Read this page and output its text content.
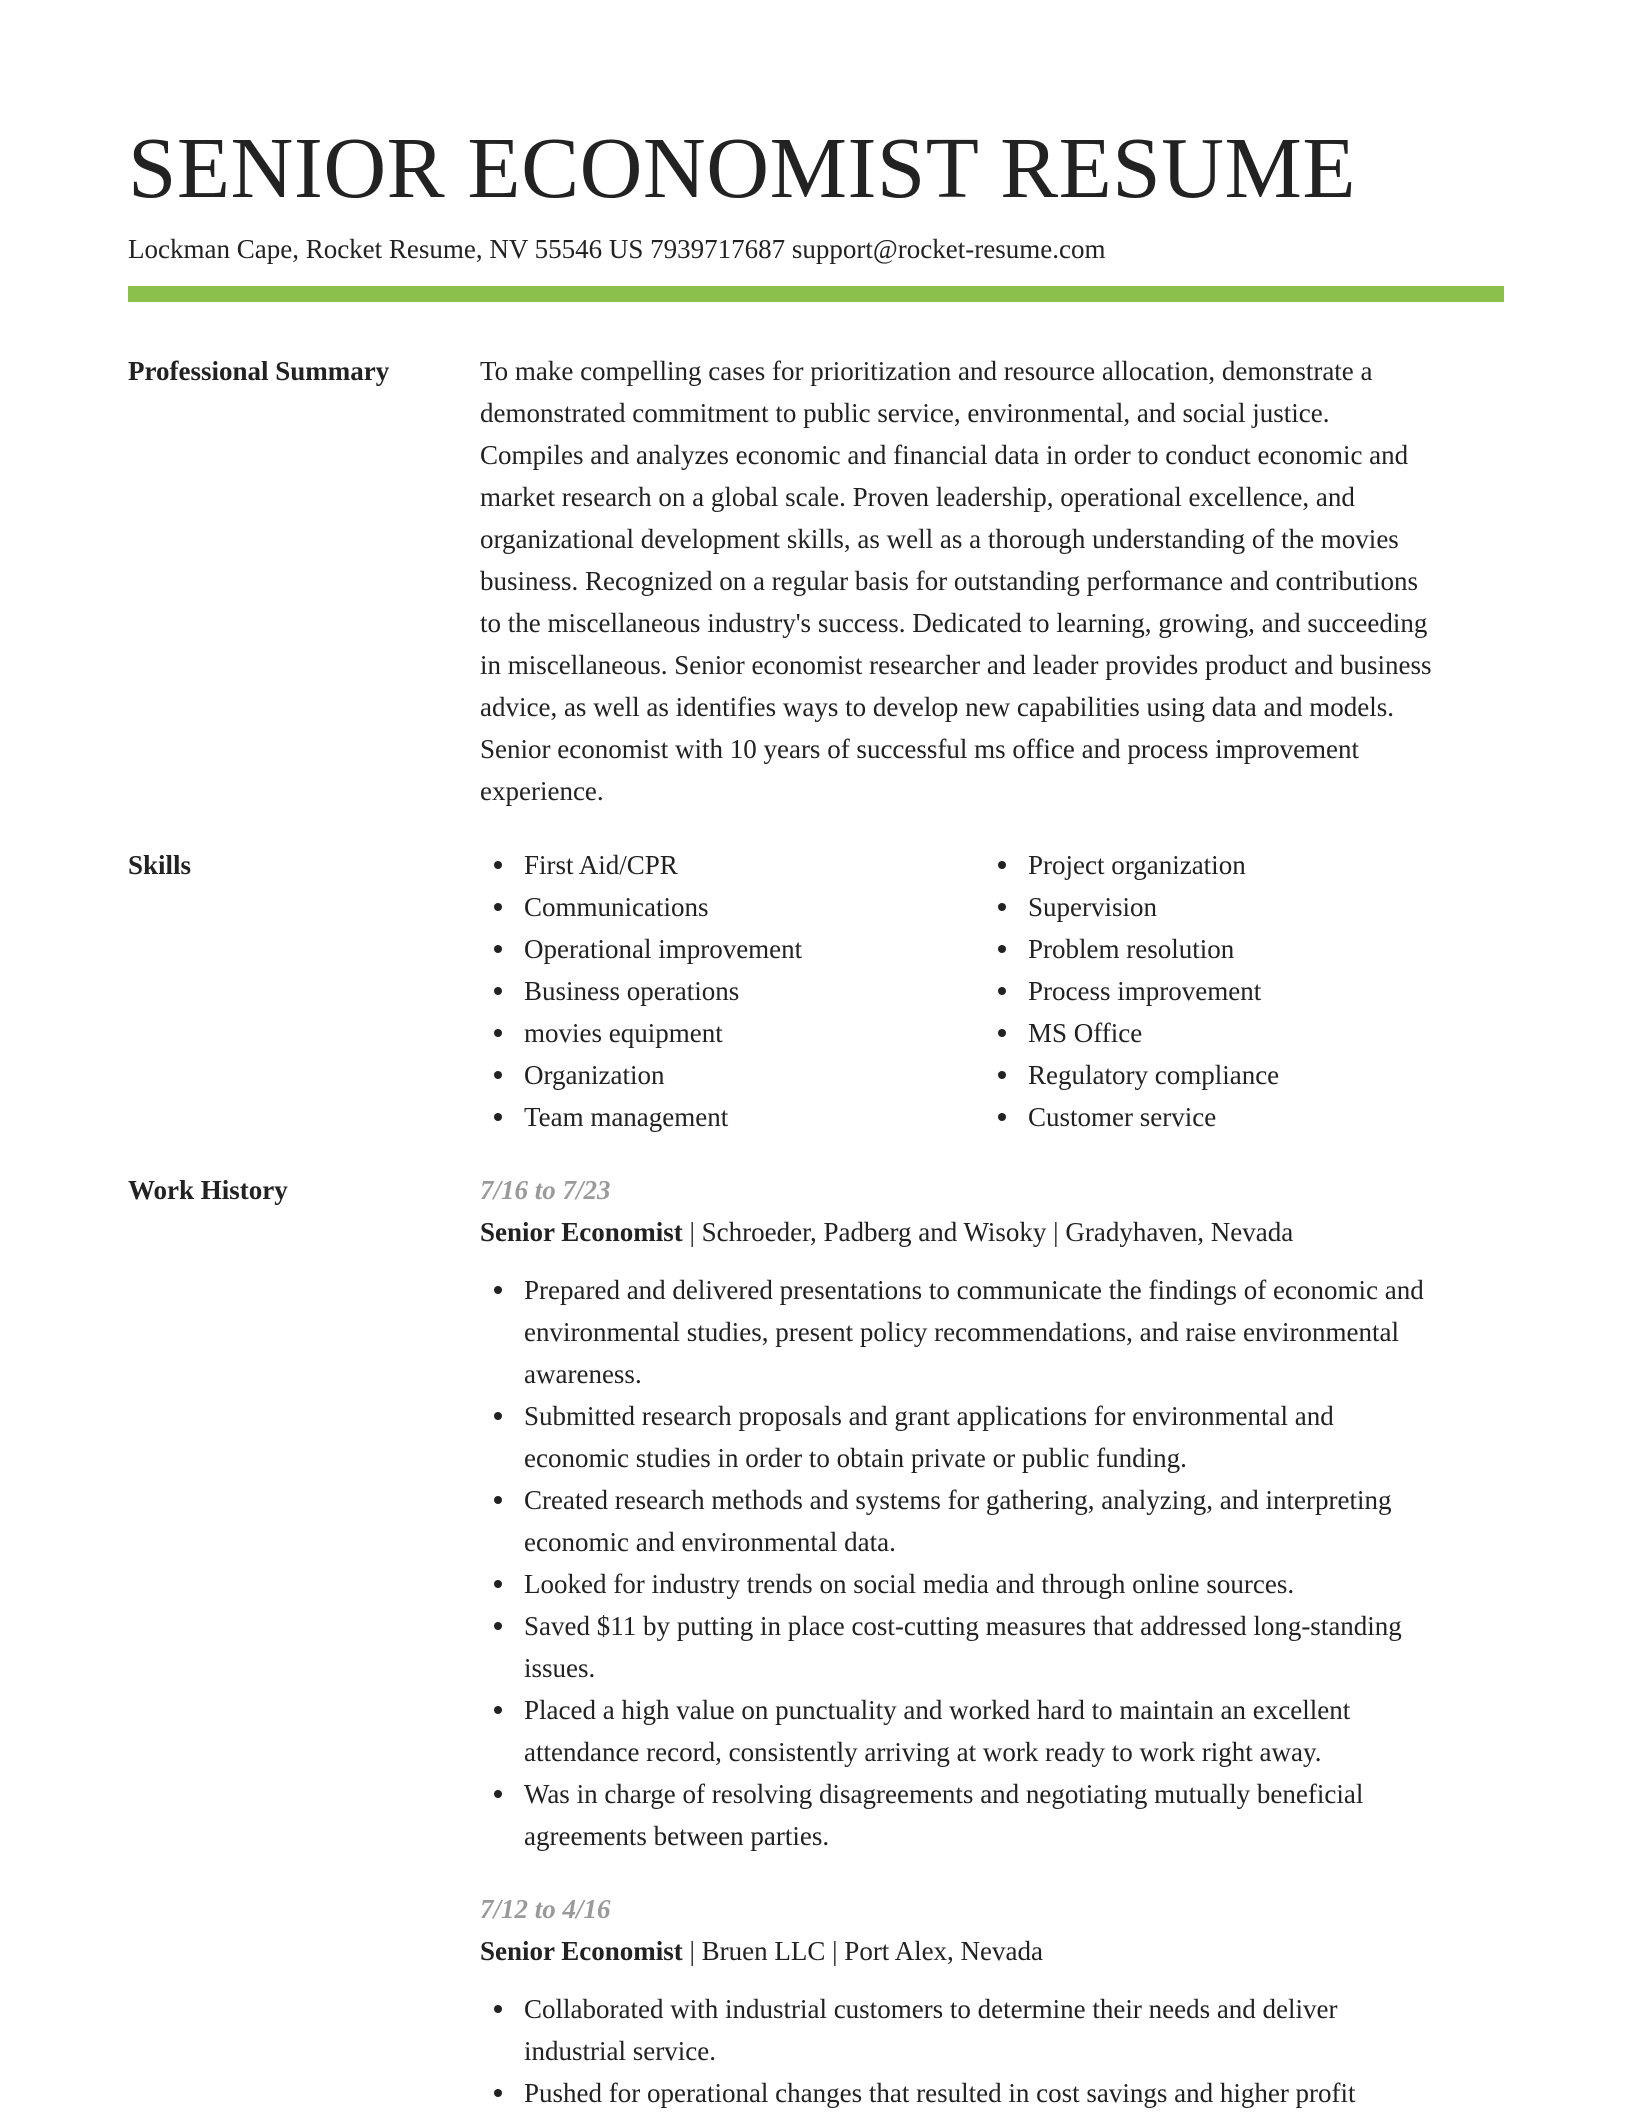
SENIOR ECONOMIST RESUME
Lockman Cape, Rocket Resume, NV 55546 US 7939717687 support@rocket-resume.com
Professional Summary	To make compelling cases for prioritization and resource allocation, demonstrate a
demonstrated commitment to public service, environmental, and social justice.
Compiles and analyzes economic and financial data in order to conduct economic and
market research on a global scale. Proven leadership, operational excellence, and
organizational development skills, as well as a thorough understanding of the movies
business. Recognized on a regular basis for outstanding performance and contributions
to the miscellaneous industry's success. Dedicated to learning, growing, and succeeding
in miscellaneous. Senior economist researcher and leader provides product and business
advice, as well as identifies ways to develop new capabilities using data and models.
Senior economist with 10 years of successful ms office and process improvement
experience.
Skills	First Aid/CPR
Communications
Operational improvement
Business operations
movies equipment
Organization
Team management
Project organization
Supervision
Problem resolution
Process improvement
MS Office
Regulatory compliance
Customer service
Work History	7/16 to 7/23
Senior Economist | Schroeder, Padberg and Wisoky | Gradyhaven, Nevada
Prepared and delivered presentations to communicate the findings of economic and
environmental studies, present policy recommendations, and raise environmental
awareness.
Submitted research proposals and grant applications for environmental and
economic studies in order to obtain private or public funding.
Created research methods and systems for gathering, analyzing, and interpreting
economic and environmental data.
Looked for industry trends on social media and through online sources.
Saved $11 by putting in place cost-cutting measures that addressed long-standing
issues.
Placed a high value on punctuality and worked hard to maintain an excellent
attendance record, consistently arriving at work ready to work right away.
Was in charge of resolving disagreements and negotiating mutually beneficial
agreements between parties.
7/12 to 4/16
Senior Economist | Bruen LLC | Port Alex, Nevada
Collaborated with industrial customers to determine their needs and deliver
industrial service.
Pushed for operational changes that resulted in cost savings and higher profit
